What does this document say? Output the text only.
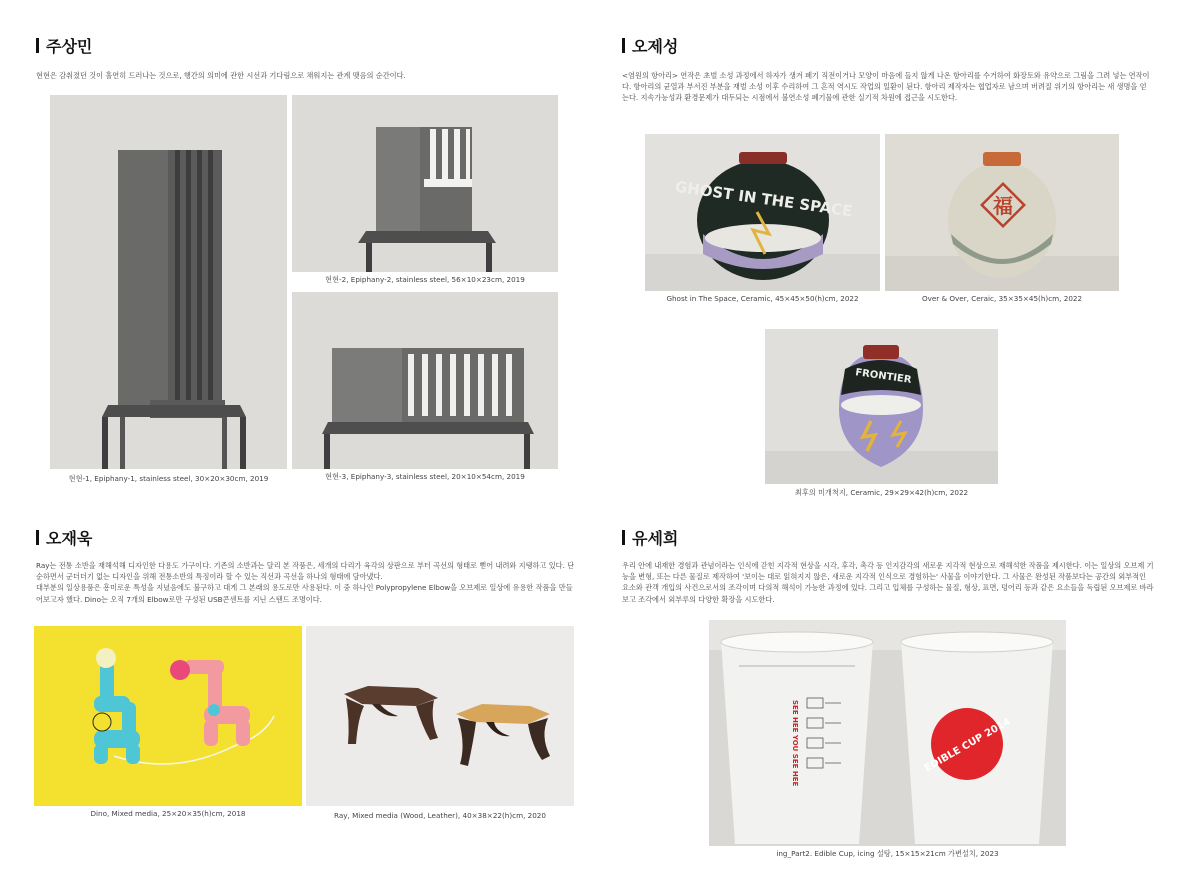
주상민
현현은 감춰졌던 것이 홀연히 드러나는 것으로, 행간의 의미에 관한 시선과 기다림으로 채워지는 관계 맺음의 순간이다.
현현-1, Epiphany-1, stainless steel, 30×20×30cm, 2019
현현-2, Epiphany-2, stainless steel, 56×10×23cm, 2019
현현-3, Epiphany-3, stainless steel, 20×10×54cm, 2019
오제성
<염원의 항아리> 연작은 초벌 소성 과정에서 하자가 생겨 폐기 직전이거나 모양이 마음에 들지 않게 나온 항아리를 수거하여 화장토와 유약으로 그림을 그려 넣는 연작이다. 항아리의 균열과 부서진 부분을 재벌 소성 이후 수리하여 그 흔적 역시도 작업의 일환이 된다. 항아리 제작자는 협업자로 남으며 버려질 위기의 항아리는 새 생명을 얻는다. 지속가능성과 환경문제가 대두되는 시점에서 불연소성 폐기물에 관한 실기적 차원에 접근을 시도한다.
GHOST IN THE SPACE
Ghost in The Space, Ceramic, 45×45×50(h)cm, 2022
福
Over & Over, Ceraic, 35×35×45(h)cm, 2022
FRONTIER
최후의 미개척지, Ceramic, 29×29×42(h)cm, 2022
오재욱

Ray는 전통 소반을 재해석해 디자인한 다용도 가구이다. 기존의 소반과는 달리 본 작품은, 세개의 다리가 육각의 상판으로 부터 곡선의 형태로 뻗어 내려와 지탱하고 있다. 단순하면서 군더더기 없는 디자인을 위해 전통소반의 특징이라 할 수 있는 직선과 곡선을 하나의 형태에 담아냈다.

대부분의 일상용품은 흥미로운 특성을 지녔음에도 불구하고 대게 그 본래의 용도로만 사용된다. 이 중 하나인 Polypropylene Elbow을 오브제로 일상에 유용한 작품을 만들어보고자 했다. Dino는 오직 7개의 Elbow로만 구성된 USB콘센트를 지닌 스탠드 조명이다.

Dino, Mixed media, 25×20×35(h)cm, 2018	Ray, Mixed media (Wood, Leather), 40×38×22(h)cm, 2020
유세희
우리 안에 내재한 경험과 관념이라는 인식에 갇힌 지각적 현상을 시각, 후각, 촉각 등 인지감각의 새로운 지각적 현상으로 재해석한 작품을 제시한다. 이는 일상의 오브제 기능을 변형, 또는 다른 물질로 제작하여 '보이는 대로 읽혀지지 않은, 새로운 지각적 인식으로 경험하는' 사물을 이야기한다. 그 사물은 완성된 작품보다는 공간의 외부적인 요소와 관객 개입의 사건으로서의 조각이며 다의적 해석이 가능한 과정에 있다. 그리고 입체를 구성하는 물질, 형상, 표면, 덩어리 등과 같은 요소들을 독립된 오브제로 바라보고 조각에서 외부루의 다양한 확장을 시도한다.
SEE HEE YOU SEE HEE	EDIBLE CUP 2014
ing_Part2. Edible Cup, icing 설탕, 15×15×21cm 가변설치, 2023
